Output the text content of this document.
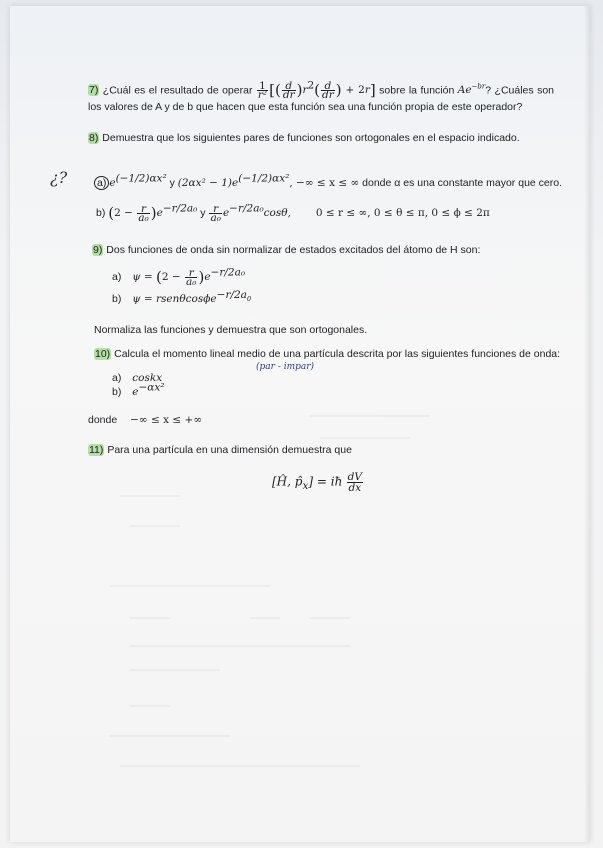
7) ¿Cuál es el resultado de operar $\frac{1}{\text{r²}}$ [( $\frac{d}{dr} )r^2( \frac{d}{dr}$ ) + 2r] sobre la función $Ae^{-br}$? ¿Cuáles son los valores de A y de b que hacen que esta función sea una función propia de este operador?
8) Demuestra que los siguientes pares de funciones son ortogonales en el espacio indicado.
¿?	a) $e^{(-1/2)\alpha x^2}$ y $(2\alpha x^2 - 1)e^{(-1/2)\alpha x^2}$, −∞ ≤ x ≤ ∞ donde α es una constante mayor que cero.
b) $(2 - \frac{r}{\text{a₀}} )e^{-r/2a_0}$ y $\frac{r}{\text{a₀}} e^{-r/2a_0}\cos\theta$, 0 ≤ r ≤ ∞, 0 ≤ θ ≤ π, 0 ≤ ϕ ≤ 2π
9) Dos funciones de onda sin normalizar de estados excitados del átomo de H son:
a) $\psi = (2 - \frac{r}{\text{a₀}} )e^{-r/2a_0}$
b) ψ = rsenθcosϕe$^{-r/2a_0}$
Normaliza las funciones y demuestra que son ortogonales.
10) Calcula el momento lineal medio de una partícula descrita por las siguientes funciones de onda:
(par - impar)
a) coskx
b) $e^{-\alpha x^2}$
donde −∞ ≤ x ≤ +∞
11) Para una partícula en una dimensión demuestra que
[Ĥ, $p̂_x$] = iħ $\frac{dV}{dx}$
